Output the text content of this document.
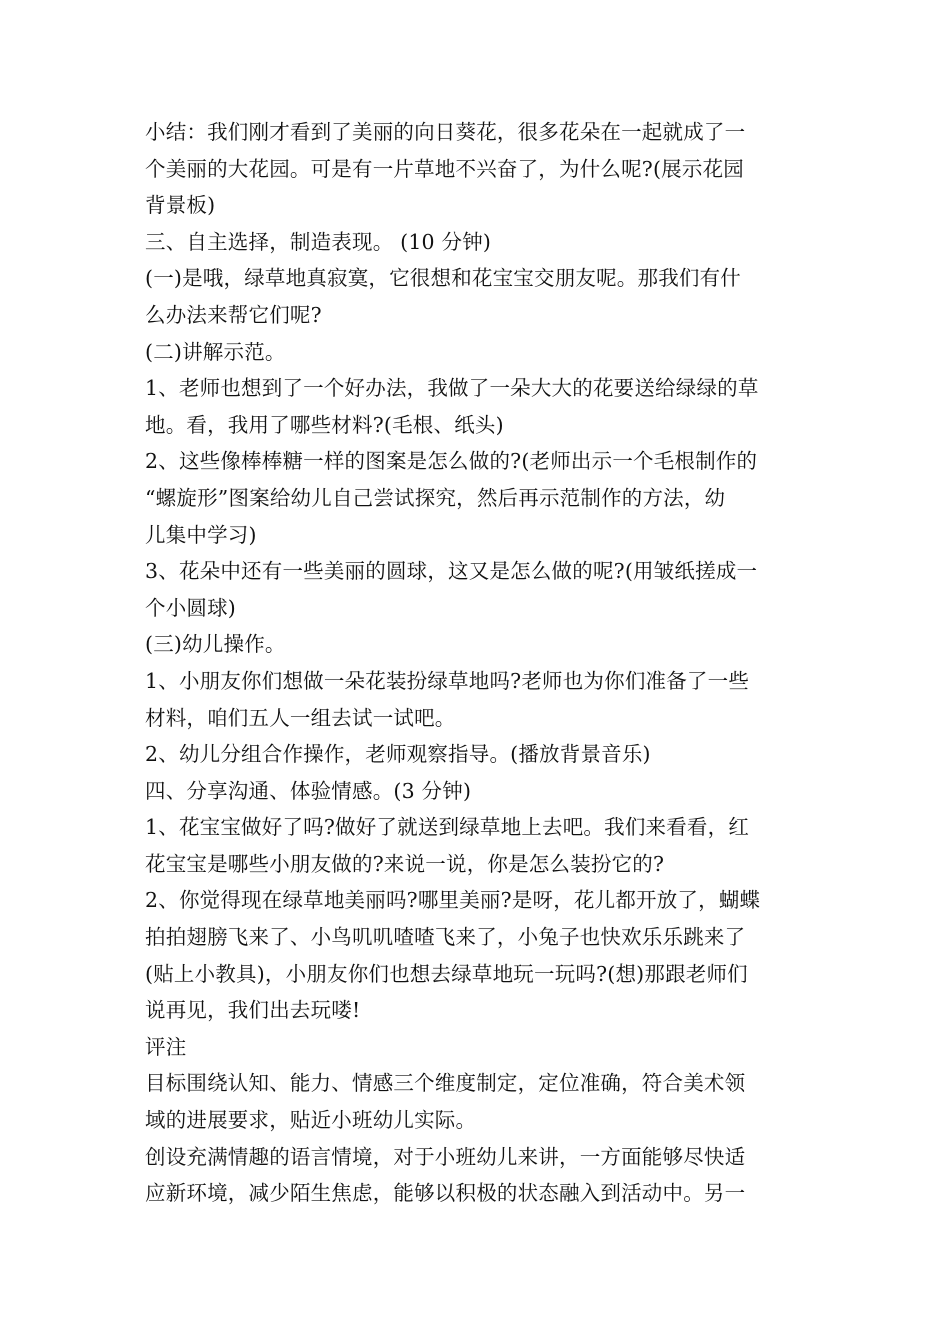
小结：我们刚才看到了美丽的向日葵花，很多花朵在一起就成了一
个美丽的大花园。可是有一片草地不兴奋了，为什么呢?(展示花园
背景板)
三、自主选择，制造表现。 (10 分钟)
(一)是哦，绿草地真寂寞，它很想和花宝宝交朋友呢。那我们有什
么办法来帮它们呢?
(二)讲解示范。
1、老师也想到了一个好办法，我做了一朵大大的花要送给绿绿的草
地。看，我用了哪些材料?(毛根、纸头)
2、这些像棒棒糖一样的图案是怎么做的?(老师出示一个毛根制作的
“螺旋形”图案给幼儿自己尝试探究，然后再示范制作的方法，幼
儿集中学习)
3、花朵中还有一些美丽的圆球，这又是怎么做的呢?(用皱纸搓成一
个小圆球)
(三)幼儿操作。
1、小朋友你们想做一朵花装扮绿草地吗?老师也为你们准备了一些
材料，咱们五人一组去试一试吧。
2、幼儿分组合作操作，老师观察指导。(播放背景音乐)
四、分享沟通、体验情感。(3 分钟)
1、花宝宝做好了吗?做好了就送到绿草地上去吧。我们来看看，红
花宝宝是哪些小朋友做的?来说一说，你是怎么装扮它的?
2、你觉得现在绿草地美丽吗?哪里美丽?是呀，花儿都开放了，蝴蝶
拍拍翅膀飞来了、小鸟叽叽喳喳飞来了，小兔子也快欢乐乐跳来了
(贴上小教具)，小朋友你们也想去绿草地玩一玩吗?(想)那跟老师们
说再见，我们出去玩喽!
评注
目标围绕认知、能力、情感三个维度制定，定位准确，符合美术领
域的进展要求，贴近小班幼儿实际。
创设充满情趣的语言情境，对于小班幼儿来讲，一方面能够尽快适
应新环境，减少陌生焦虑，能够以积极的状态融入到活动中。另一
